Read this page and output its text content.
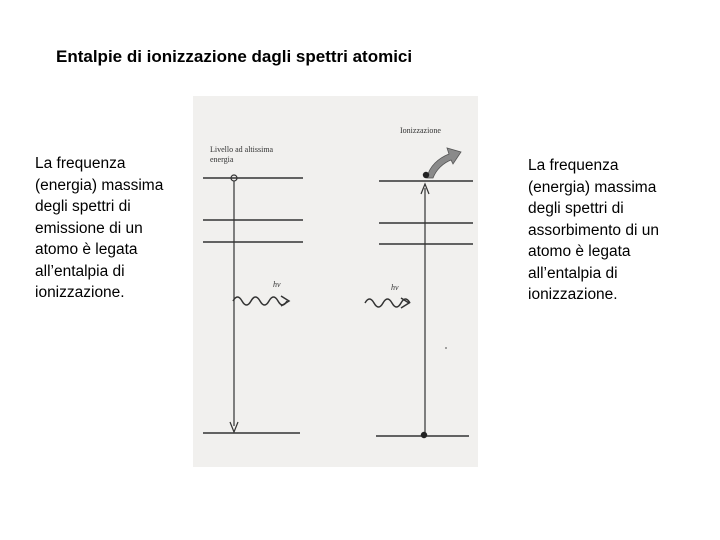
Entalpie di ionizzazione dagli spettri atomici
La frequenza (energia) massima degli spettri di emissione di un atomo è legata all’entalpia di ionizzazione.
Livello ad altissima
energia
hν
Ionizzazione
hν
La frequenza (energia) massima degli spettri di assorbimento di un atomo è legata all’entalpia di ionizzazione.
